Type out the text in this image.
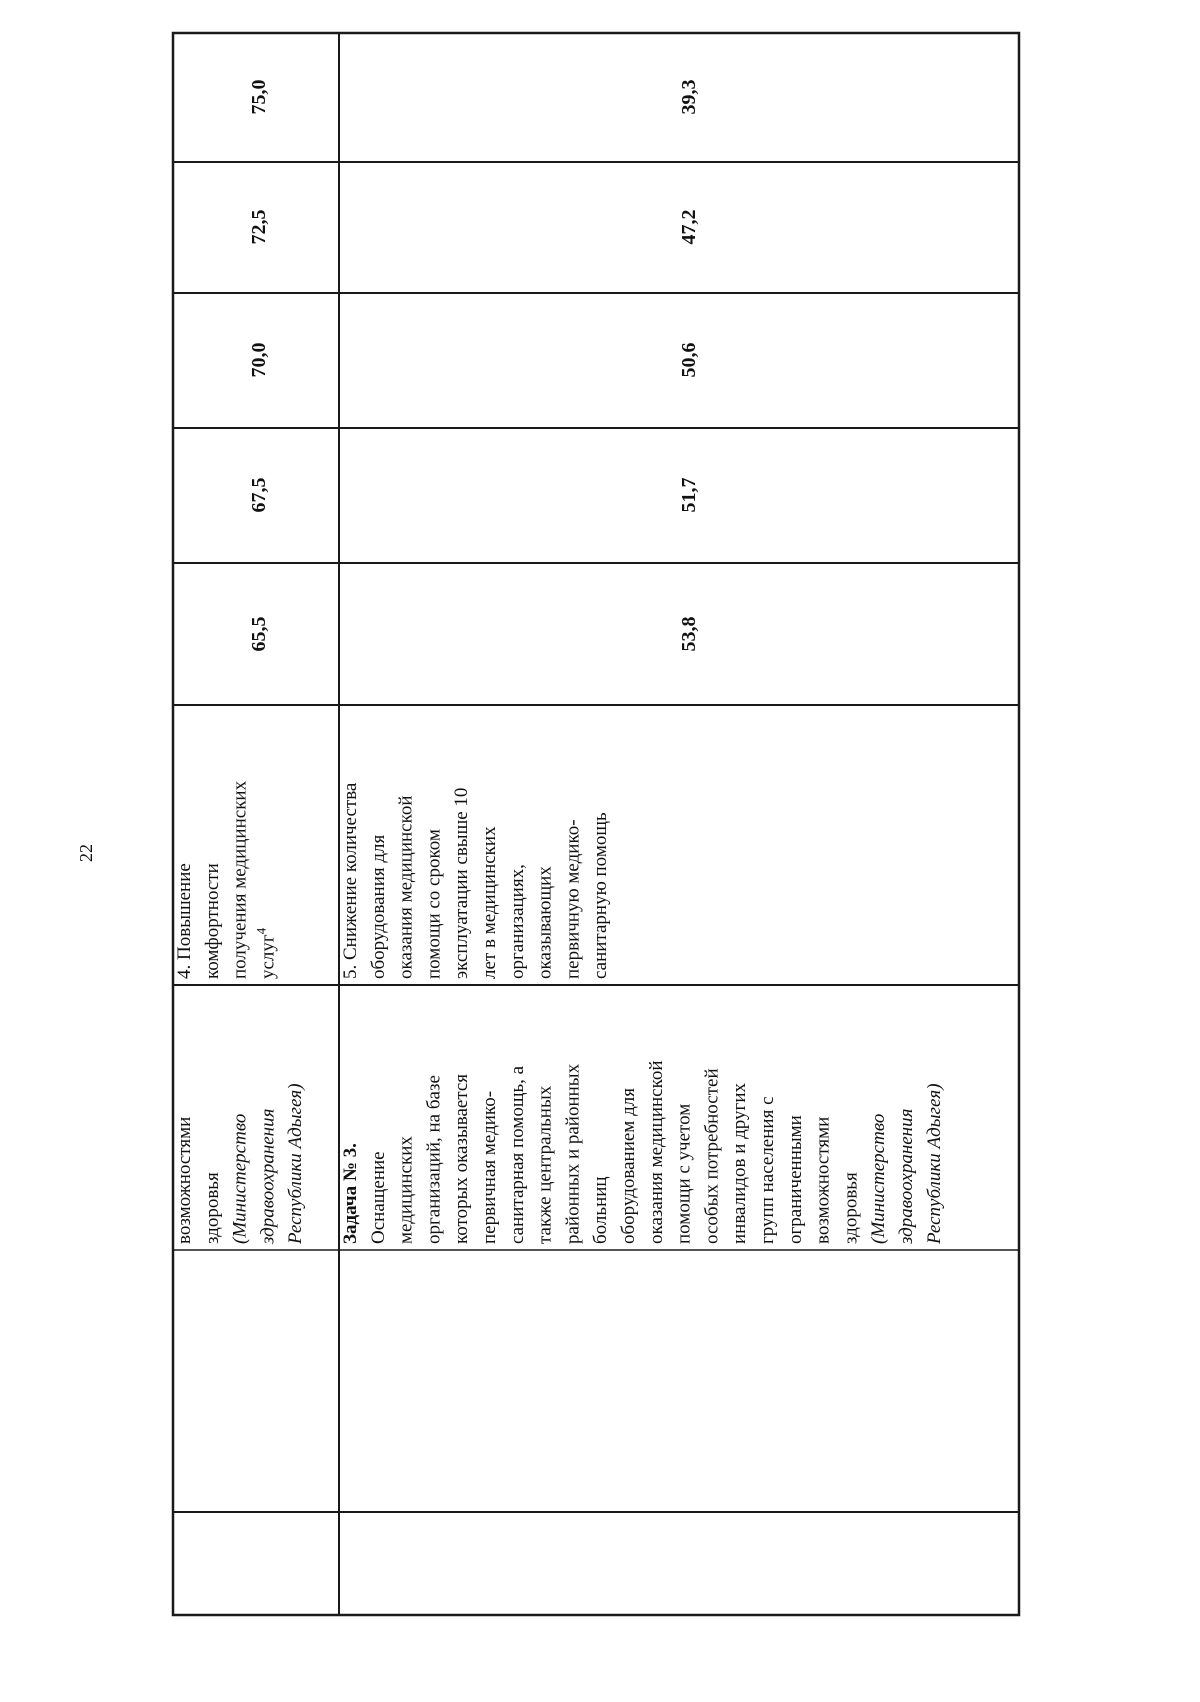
22
возможностями здоровья (Министерство здравоохранения Республики Адыгея)
4. Повышение комфортности получения медицинских услуг$^4$
Задача № 3. Оснащение медицинских организаций, на базе которых оказывается первичная медико- санитарная помощь, а также центральных районных и районных больниц оборудованием для оказания медицинской помощи с учетом особых потребностей инвалидов и других групп населения с ограниченными возможностями здоровья (Министерство здравоохранения Республики Адыгея)
5. Снижение количества оборудования для оказания медицинской помощи со сроком эксплуатации свыше 10 лет в медицинских организациях, оказывающих первичную медико- санитарную помощь
65,5
67,5
70,0
72,5
75,0
53,8
51,7
50,6
47,2
39,3
